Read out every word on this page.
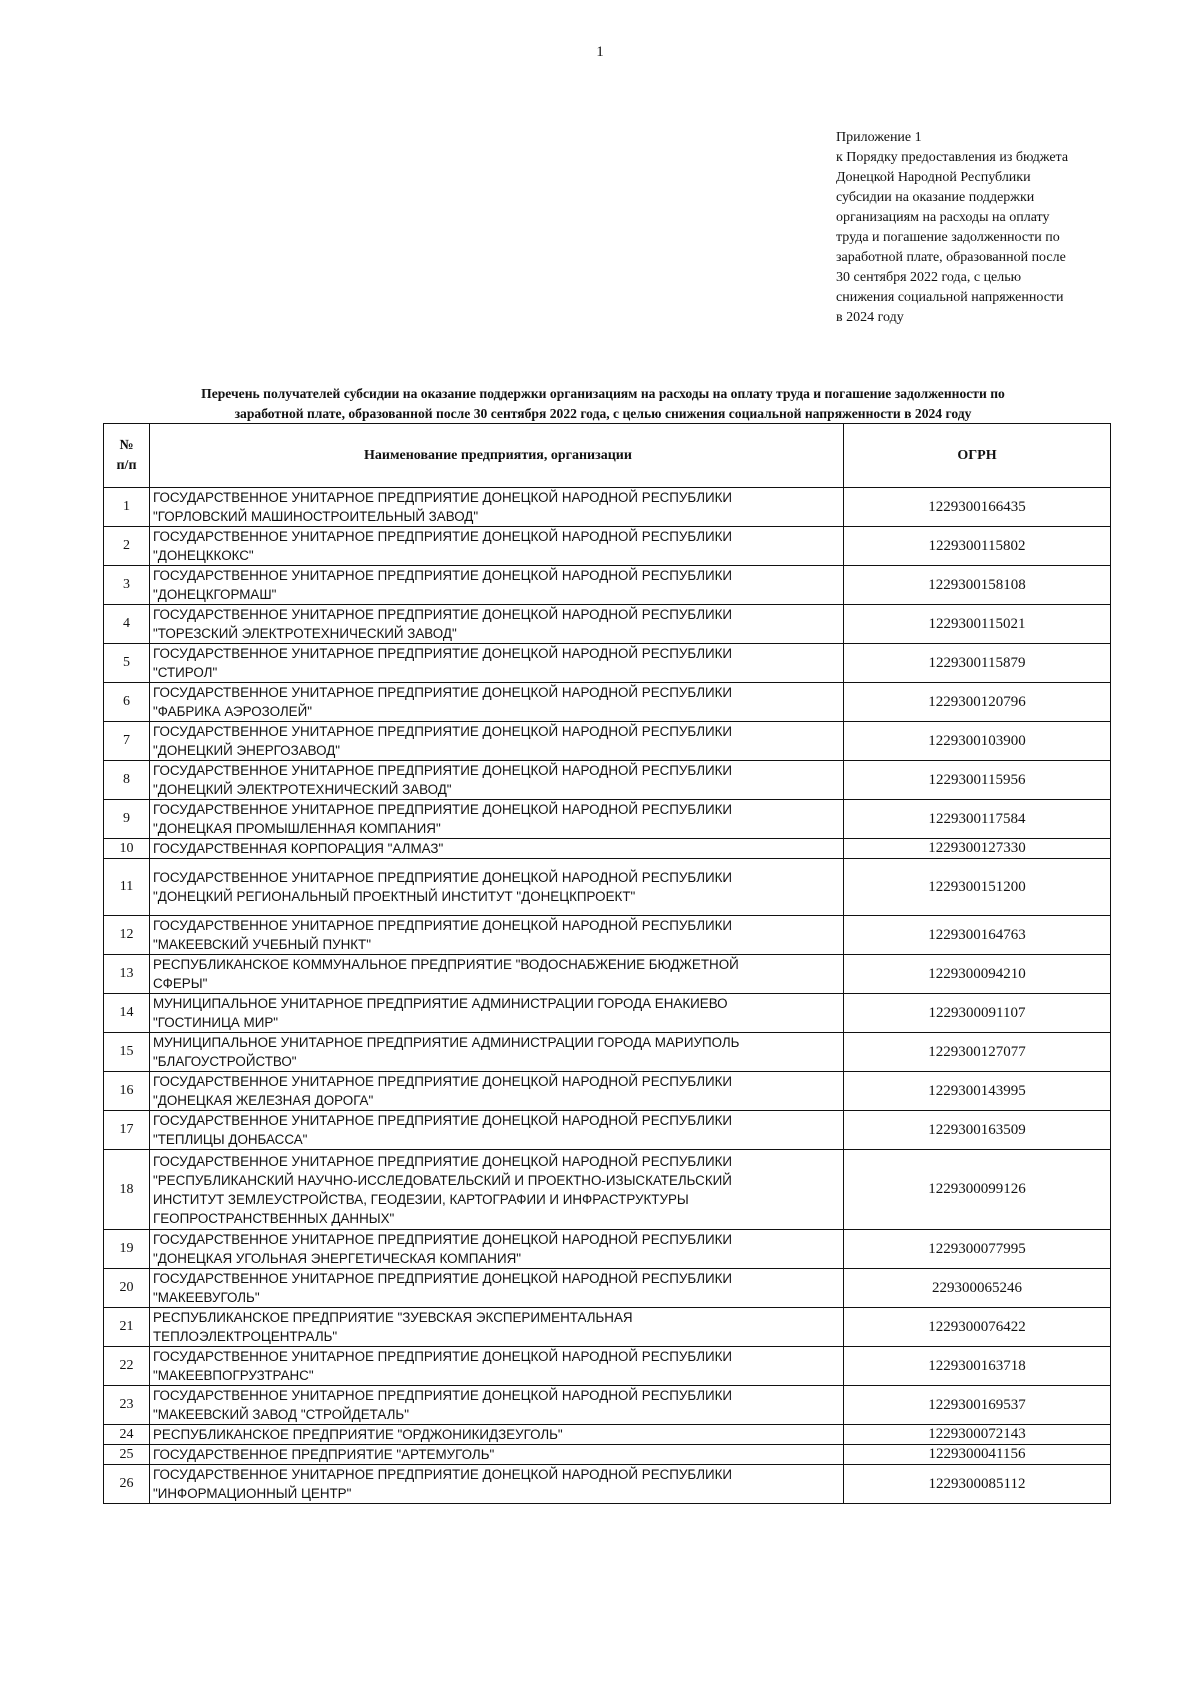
1
Приложение 1
к Порядку предоставления из бюджета
Донецкой Народной Республики
субсидии на оказание поддержки
организациям на расходы на оплату
труда и погашение задолженности по
заработной плате, образованной после
30 сентября 2022 года, с целью
снижения социальной напряженности
в 2024 году
Перечень получателей субсидии на оказание поддержки организациям на расходы на оплату труда и погашение задолженности по
заработной плате, образованной после 30 сентября 2022 года, с целью снижения социальной напряженности в 2024 году
№
п/п	Наименование предприятия, организации	ОГРН
1	ГОСУДАРСТВЕННОЕ УНИТАРНОЕ ПРЕДПРИЯТИЕ ДОНЕЦКОЙ НАРОДНОЙ РЕСПУБЛИКИ
"ГОРЛОВСКИЙ МАШИНОСТРОИТЕЛЬНЫЙ ЗАВОД"	1229300166435
2	ГОСУДАРСТВЕННОЕ УНИТАРНОЕ ПРЕДПРИЯТИЕ ДОНЕЦКОЙ НАРОДНОЙ РЕСПУБЛИКИ
"ДОНЕЦККОКС"	1229300115802
3	ГОСУДАРСТВЕННОЕ УНИТАРНОЕ ПРЕДПРИЯТИЕ ДОНЕЦКОЙ НАРОДНОЙ РЕСПУБЛИКИ
"ДОНЕЦКГОРМАШ"	1229300158108
4	ГОСУДАРСТВЕННОЕ УНИТАРНОЕ ПРЕДПРИЯТИЕ ДОНЕЦКОЙ НАРОДНОЙ РЕСПУБЛИКИ
"ТОРЕЗСКИЙ ЭЛЕКТРОТЕХНИЧЕСКИЙ ЗАВОД"	1229300115021
5	ГОСУДАРСТВЕННОЕ УНИТАРНОЕ ПРЕДПРИЯТИЕ ДОНЕЦКОЙ НАРОДНОЙ РЕСПУБЛИКИ
"СТИРОЛ"	1229300115879
6	ГОСУДАРСТВЕННОЕ УНИТАРНОЕ ПРЕДПРИЯТИЕ ДОНЕЦКОЙ НАРОДНОЙ РЕСПУБЛИКИ
"ФАБРИКА АЭРОЗОЛЕЙ"	1229300120796
7	ГОСУДАРСТВЕННОЕ УНИТАРНОЕ ПРЕДПРИЯТИЕ ДОНЕЦКОЙ НАРОДНОЙ РЕСПУБЛИКИ
"ДОНЕЦКИЙ ЭНЕРГОЗАВОД"	1229300103900
8	ГОСУДАРСТВЕННОЕ УНИТАРНОЕ ПРЕДПРИЯТИЕ ДОНЕЦКОЙ НАРОДНОЙ РЕСПУБЛИКИ
"ДОНЕЦКИЙ ЭЛЕКТРОТЕХНИЧЕСКИЙ ЗАВОД"	1229300115956
9	ГОСУДАРСТВЕННОЕ УНИТАРНОЕ ПРЕДПРИЯТИЕ ДОНЕЦКОЙ НАРОДНОЙ РЕСПУБЛИКИ
"ДОНЕЦКАЯ ПРОМЫШЛЕННАЯ КОМПАНИЯ"	1229300117584
10	ГОСУДАРСТВЕННАЯ КОРПОРАЦИЯ "АЛМАЗ"	1229300127330
11	ГОСУДАРСТВЕННОЕ УНИТАРНОЕ ПРЕДПРИЯТИЕ ДОНЕЦКОЙ НАРОДНОЙ РЕСПУБЛИКИ
"ДОНЕЦКИЙ РЕГИОНАЛЬНЫЙ ПРОЕКТНЫЙ ИНСТИТУТ "ДОНЕЦКПРОЕКТ"	1229300151200
12	ГОСУДАРСТВЕННОЕ УНИТАРНОЕ ПРЕДПРИЯТИЕ ДОНЕЦКОЙ НАРОДНОЙ РЕСПУБЛИКИ
"МАКЕЕВСКИЙ УЧЕБНЫЙ ПУНКТ"	1229300164763
13	РЕСПУБЛИКАНСКОЕ КОММУНАЛЬНОЕ ПРЕДПРИЯТИЕ "ВОДОСНАБЖЕНИЕ БЮДЖЕТНОЙ
СФЕРЫ"	1229300094210
14	МУНИЦИПАЛЬНОЕ УНИТАРНОЕ ПРЕДПРИЯТИЕ АДМИНИСТРАЦИИ ГОРОДА ЕНАКИЕВО
"ГОСТИНИЦА МИР"	1229300091107
15	МУНИЦИПАЛЬНОЕ УНИТАРНОЕ ПРЕДПРИЯТИЕ АДМИНИСТРАЦИИ ГОРОДА МАРИУПОЛЬ
"БЛАГОУСТРОЙСТВО"	1229300127077
16	ГОСУДАРСТВЕННОЕ УНИТАРНОЕ ПРЕДПРИЯТИЕ ДОНЕЦКОЙ НАРОДНОЙ РЕСПУБЛИКИ
"ДОНЕЦКАЯ ЖЕЛЕЗНАЯ ДОРОГА"	1229300143995
17	ГОСУДАРСТВЕННОЕ УНИТАРНОЕ ПРЕДПРИЯТИЕ ДОНЕЦКОЙ НАРОДНОЙ РЕСПУБЛИКИ
"ТЕПЛИЦЫ ДОНБАССА"	1229300163509
18	ГОСУДАРСТВЕННОЕ УНИТАРНОЕ ПРЕДПРИЯТИЕ ДОНЕЦКОЙ НАРОДНОЙ РЕСПУБЛИКИ
"РЕСПУБЛИКАНСКИЙ НАУЧНО-ИССЛЕДОВАТЕЛЬСКИЙ И ПРОЕКТНО-ИЗЫСКАТЕЛЬСКИЙ
ИНСТИТУТ ЗЕМЛЕУСТРОЙСТВА, ГЕОДЕЗИИ, КАРТОГРАФИИ И ИНФРАСТРУКТУРЫ
ГЕОПРОСТРАНСТВЕННЫХ ДАННЫХ"	1229300099126
19	ГОСУДАРСТВЕННОЕ УНИТАРНОЕ ПРЕДПРИЯТИЕ ДОНЕЦКОЙ НАРОДНОЙ РЕСПУБЛИКИ
"ДОНЕЦКАЯ УГОЛЬНАЯ ЭНЕРГЕТИЧЕСКАЯ КОМПАНИЯ"	1229300077995
20	ГОСУДАРСТВЕННОЕ УНИТАРНОЕ ПРЕДПРИЯТИЕ ДОНЕЦКОЙ НАРОДНОЙ РЕСПУБЛИКИ
"МАКЕЕВУГОЛЬ"	229300065246
21	РЕСПУБЛИКАНСКОЕ ПРЕДПРИЯТИЕ "ЗУЕВСКАЯ ЭКСПЕРИМЕНТАЛЬНАЯ
ТЕПЛОЭЛЕКТРОЦЕНТРАЛЬ"	1229300076422
22	ГОСУДАРСТВЕННОЕ УНИТАРНОЕ ПРЕДПРИЯТИЕ ДОНЕЦКОЙ НАРОДНОЙ РЕСПУБЛИКИ
"МАКЕЕВПОГРУЗТРАНС"	1229300163718
23	ГОСУДАРСТВЕННОЕ УНИТАРНОЕ ПРЕДПРИЯТИЕ ДОНЕЦКОЙ НАРОДНОЙ РЕСПУБЛИКИ
"МАКЕЕВСКИЙ ЗАВОД "СТРОЙДЕТАЛЬ"	1229300169537
24	РЕСПУБЛИКАНСКОЕ ПРЕДПРИЯТИЕ "ОРДЖОНИКИДЗЕУГОЛЬ"	1229300072143
25	ГОСУДАРСТВЕННОЕ ПРЕДПРИЯТИЕ "АРТЕМУГОЛЬ"	1229300041156
26	ГОСУДАРСТВЕННОЕ УНИТАРНОЕ ПРЕДПРИЯТИЕ ДОНЕЦКОЙ НАРОДНОЙ РЕСПУБЛИКИ
"ИНФОРМАЦИОННЫЙ ЦЕНТР"	1229300085112
